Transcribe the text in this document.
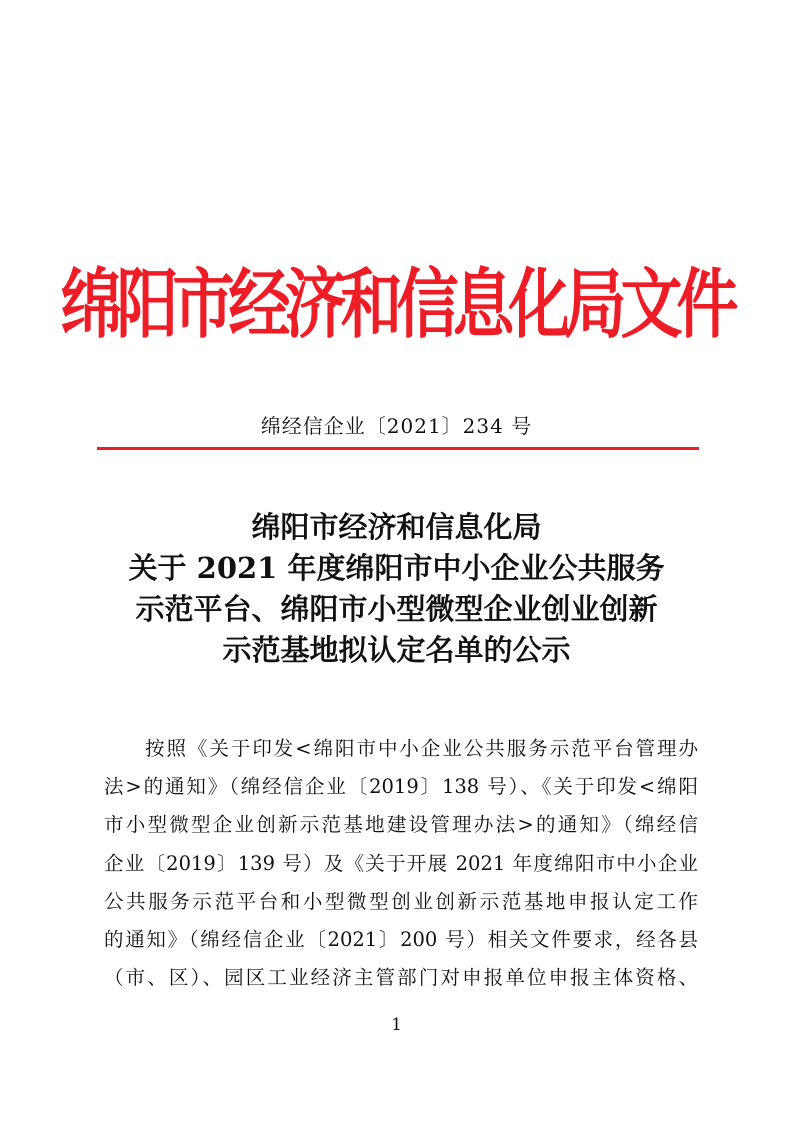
绵阳市经济和信息化局文件
绵经信企业〔2021〕234 号
绵阳市经济和信息化局
关于 2021 年度绵阳市中小企业公共服务
示范平台、绵阳市小型微型企业创业创新
示范基地拟认定名单的公示
按照《关于印发<绵阳市中小企业公共服务示范平台管理办
法>的通知》（绵经信企业〔2019〕138 号）、《关于印发<绵阳
市小型微型企业创新示范基地建设管理办法>的通知》（绵经信
企业〔2019〕139 号）及《关于开展 2021 年度绵阳市中小企业
公共服务示范平台和小型微型创业创新示范基地申报认定工作
的通知》（绵经信企业〔2021〕200 号）相关文件要求，经各县
（市、区）、园区工业经济主管部门对申报单位申报主体资格、
1
